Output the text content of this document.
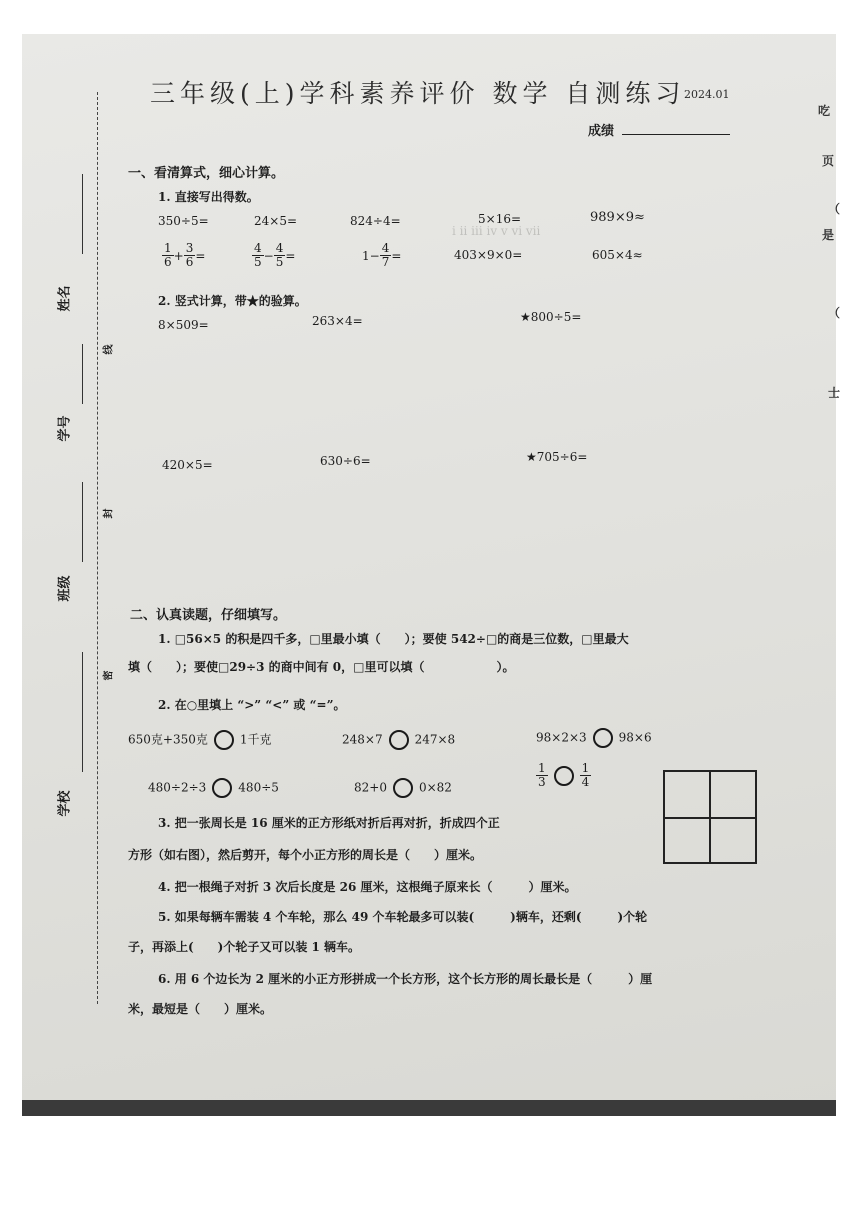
ⅰ ⅱ ⅲ ⅳ ⅴ ⅵ ⅶ
三年级(上)学科素养评价 数学 自测练习
2024.01
成绩
姓名
线
学号
封
班级
密
学校
一、看清算式，细心计算。
1. 直接写出得数。
350÷5=	24×5=	824÷4=	5×16=	989×9≈
$\frac{1}{6} + \frac{3}{6}$ =	$\frac{4}{5} - \frac{4}{5}$ =	$1- \frac{4}{7}$ =	403×9×0=	605×4≈
2. 竖式计算，带★的验算。
8×509=	263×4=	★800÷5=
420×5=	630÷6=	★705÷6=
二、认真读题，仔细填写。
1. □56×5 的积是四千多，□里最小填（　　）；要使 542÷□的商是三位数，□里最大
填（　　）；要使□29÷3 的商中间有 0，□里可以填（　　　　　　）。
2. 在○里填上 “>” “<” 或 “=”。
650克+350克	1千克	248×7	247×8	98×2×3	98×6
480÷2÷3	480÷5	82+0	0×82	$\frac{1}{3}$	$\frac{1}{4}$
3. 把一张周长是 16 厘米的正方形纸对折后再对折，折成四个正
方形（如右图），然后剪开，每个小正方形的周长是（　　）厘米。
4. 把一根绳子对折 3 次后长度是 26 厘米，这根绳子原来长（　　　）厘米。
5. 如果每辆车需装 4 个车轮，那么 49 个车轮最多可以装(　　　)辆车，还剩(　　　)个轮
子，再添上(　　)个轮子又可以装 1 辆车。
6. 用 6 个边长为 2 厘米的小正方形拼成一个长方形，这个长方形的周长最长是（　　　）厘
米，最短是（　　）厘米。
吃
页
（
是
（
士
